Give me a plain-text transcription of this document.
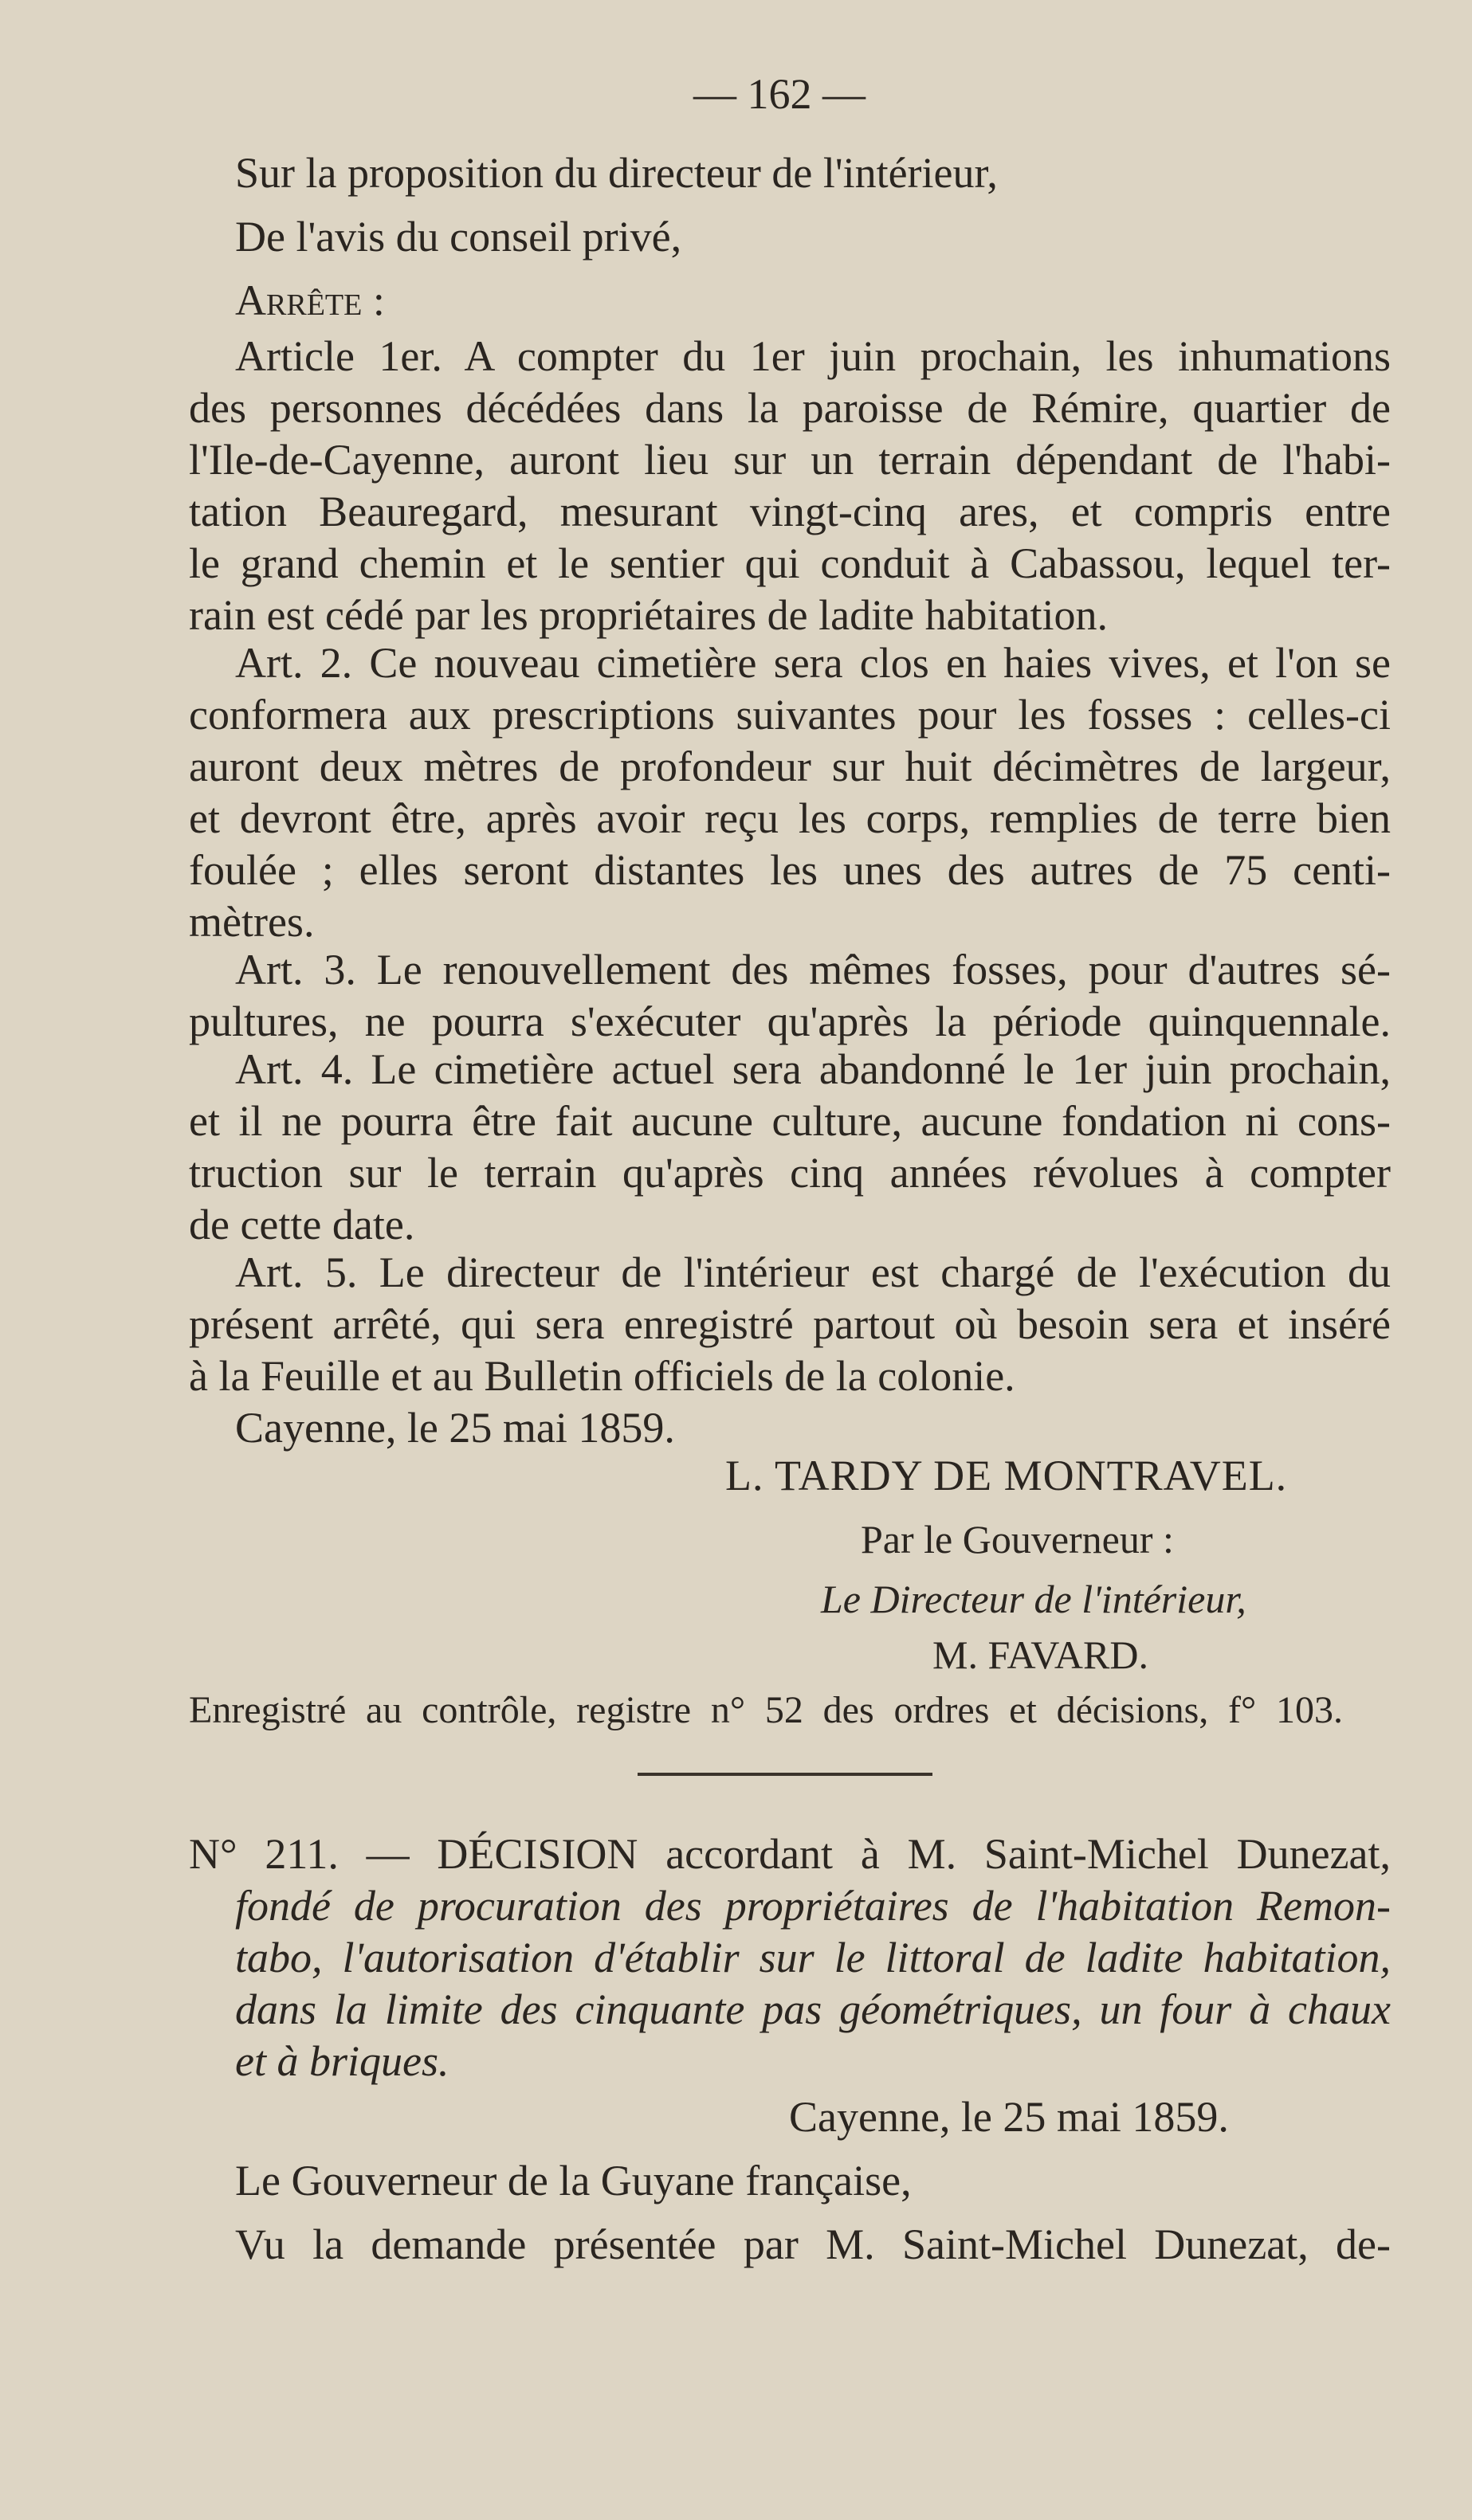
— 162 —
Sur la proposition du directeur de l'intérieur,
De l'avis du conseil privé,
Arrête :
Article 1er. A compter du 1er juin prochain, les inhumations
des personnes décédées dans la paroisse de Rémire, quartier de
l'Ile-de-Cayenne, auront lieu sur un terrain dépendant de l'habi-
tation Beauregard, mesurant vingt-cinq ares, et compris entre
le grand chemin et le sentier qui conduit à Cabassou, lequel ter-
rain est cédé par les propriétaires de ladite habitation.
Art. 2. Ce nouveau cimetière sera clos en haies vives, et l'on se
conformera aux prescriptions suivantes pour les fosses : celles-ci
auront deux mètres de profondeur sur huit décimètres de largeur,
et devront être, après avoir reçu les corps, remplies de terre bien
foulée ; elles seront distantes les unes des autres de 75 centi-
mètres.
Art. 3. Le renouvellement des mêmes fosses, pour d'autres sé-
pultures, ne pourra s'exécuter qu'après la période quinquennale.
Art. 4. Le cimetière actuel sera abandonné le 1er juin prochain,
et il ne pourra être fait aucune culture, aucune fondation ni cons-
truction sur le terrain qu'après cinq années révolues à compter
de cette date.
Art. 5. Le directeur de l'intérieur est chargé de l'exécution du
présent arrêté, qui sera enregistré partout où besoin sera et inséré
à la Feuille et au Bulletin officiels de la colonie.
Cayenne, le 25 mai 1859.
L. TARDY DE MONTRAVEL.
Par le Gouverneur :
Le Directeur de l'intérieur,
M. FAVARD.
Enregistré au contrôle, registre n° 52 des ordres et décisions, f° 103.
N° 211. — DÉCISION accordant à M. Saint-Michel Dunezat,
fondé de procuration des propriétaires de l'habitation Remon-
tabo, l'autorisation d'établir sur le littoral de ladite habitation,
dans la limite des cinquante pas géométriques, un four à chaux
et à briques.
Cayenne, le 25 mai 1859.
Le Gouverneur de la Guyane française,
Vu la demande présentée par M. Saint-Michel Dunezat, de-
